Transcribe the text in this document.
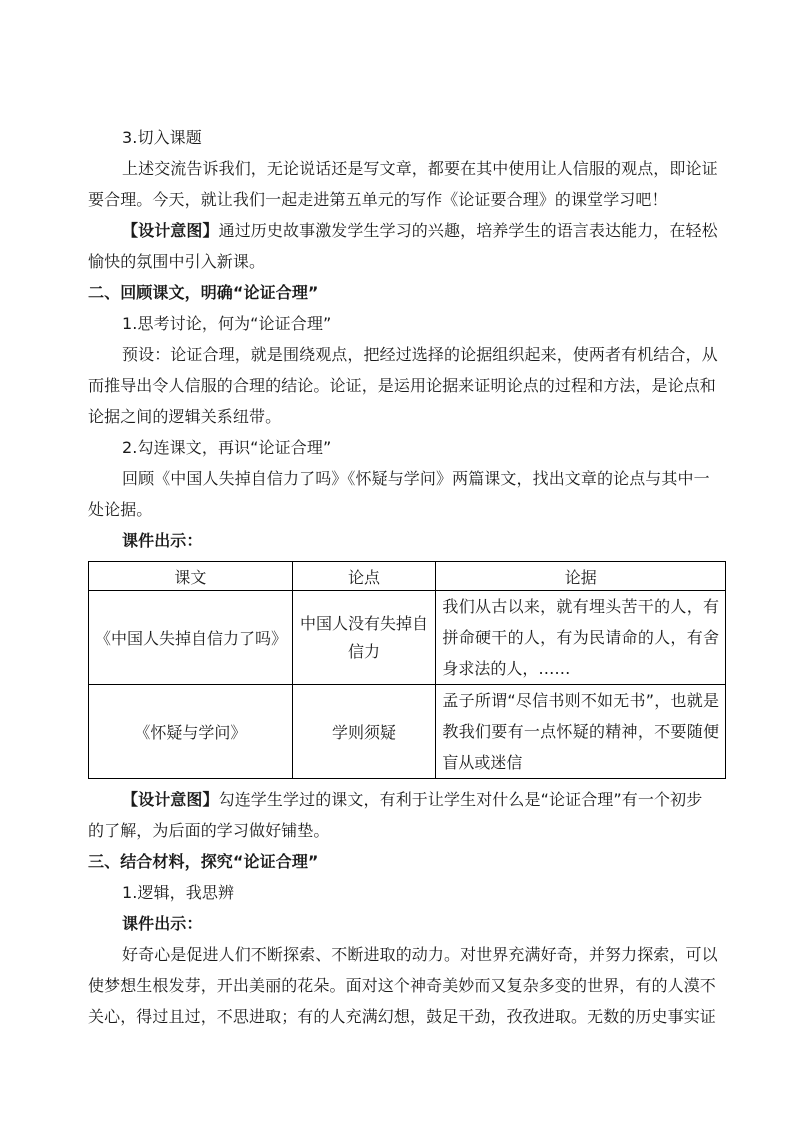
3.切入课题
上述交流告诉我们，无论说话还是写文章，都要在其中使用让人信服的观点，即论证
要合理。今天，就让我们一起走进第五单元的写作《论证要合理》的课堂学习吧！
【设计意图】通过历史故事激发学生学习的兴趣，培养学生的语言表达能力，在轻松
愉快的氛围中引入新课。
二、回顾课文，明确“论证合理”
1.思考讨论，何为“论证合理”
预设：论证合理，就是围绕观点，把经过选择的论据组织起来，使两者有机结合，从
而推导出令人信服的合理的结论。论证，是运用论据来证明论点的过程和方法，是论点和
论据之间的逻辑关系纽带。
2.勾连课文，再识“论证合理”
回顾《中国人失掉自信力了吗》《怀疑与学问》两篇课文，找出文章的论点与其中一
处论据。
课件出示：
课文	论点	论据
《中国人失掉自信力了吗》	中国人没有失掉自信力	我们从古以来，就有埋头苦干的人，有拼命硬干的人，有为民请命的人，有舍身求法的人，……
《怀疑与学问》	学则须疑	孟子所谓“尽信书则不如无书”，也就是教我们要有一点怀疑的精神，不要随便盲从或迷信
【设计意图】勾连学生学过的课文，有利于让学生对什么是“论证合理”有一个初步
的了解，为后面的学习做好铺垫。
三、结合材料，探究“论证合理”
1.逻辑，我思辨
课件出示：
好奇心是促进人们不断探索、不断进取的动力。对世界充满好奇，并努力探索，可以
使梦想生根发芽，开出美丽的花朵。面对这个神奇美妙而又复杂多变的世界，有的人漠不
关心，得过且过，不思进取；有的人充满幻想，鼓足干劲，孜孜进取。无数的历史事实证
